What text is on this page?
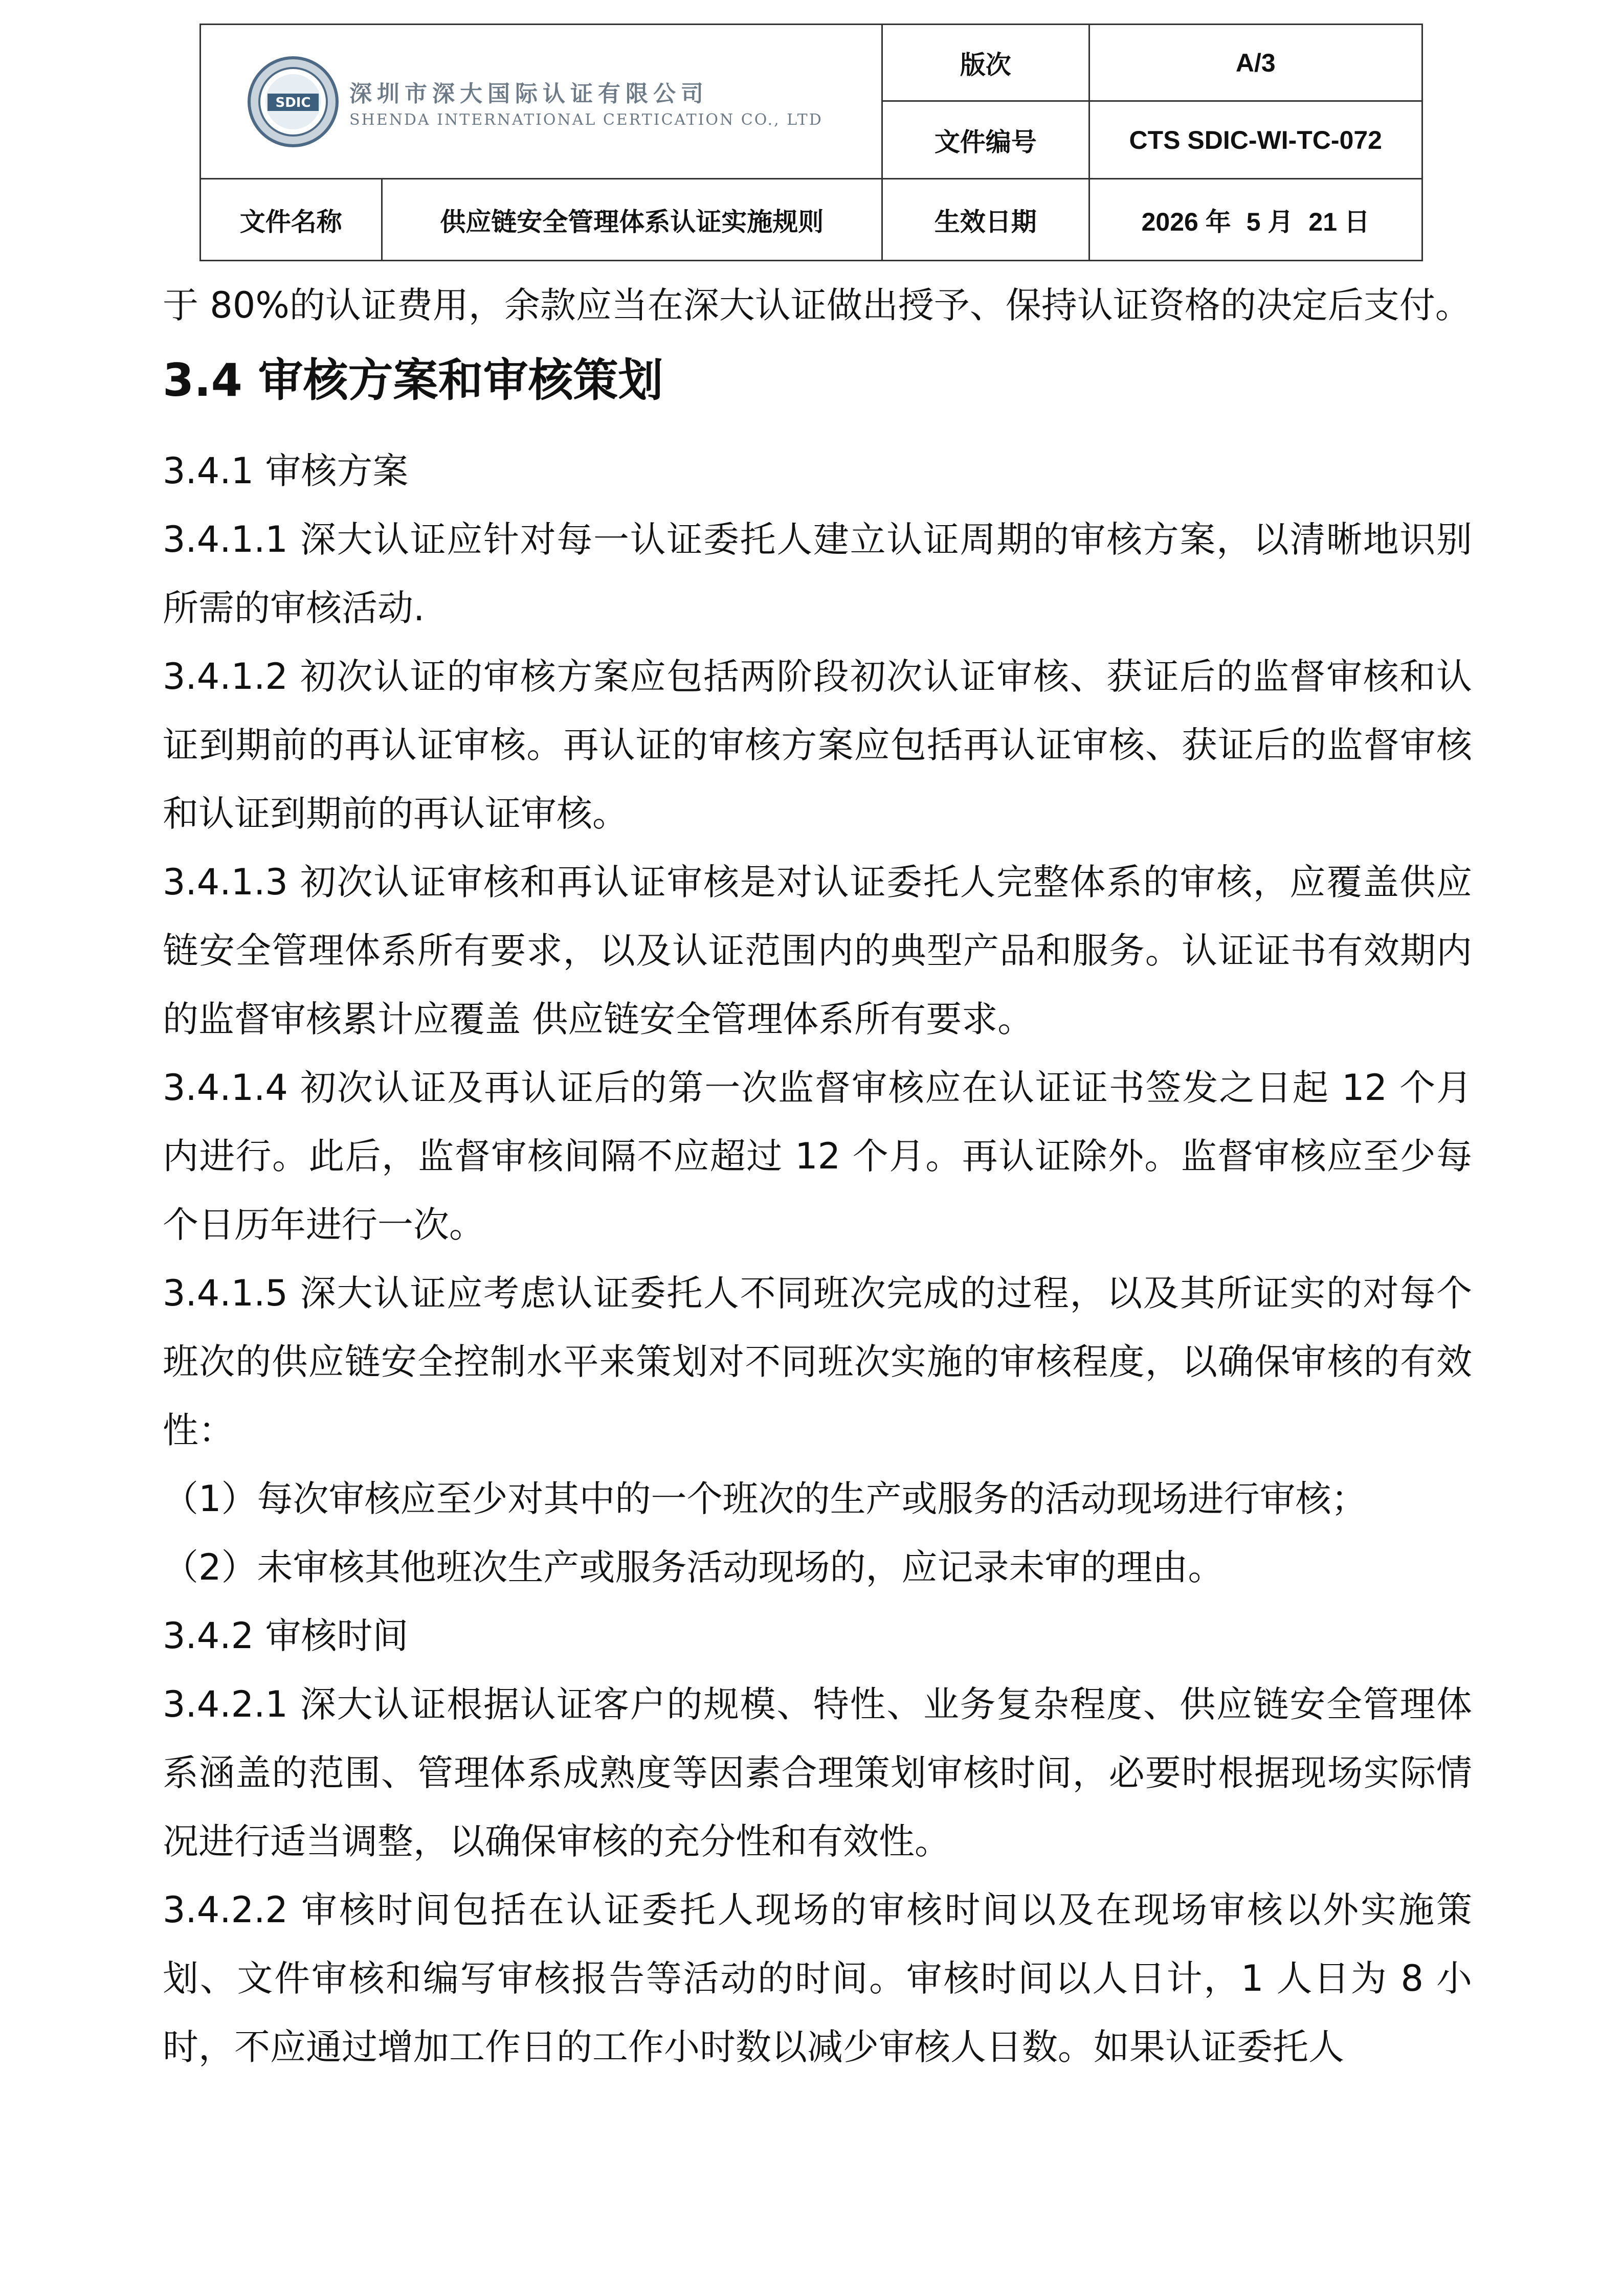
SDIC 深圳市深大国际认证有限公司
SHENDA INTERNATIONAL CERTICATION CO., LTD		版次	A/3
		文件编号	CTS SDIC-WI-TC-072
文件名称	供应链安全管理体系认证实施规则	生效日期	2026 年 5 月 21 日

于 80%的认证费用，余款应当在深大认证做出授予、保持认证资格的决定后支付。

3.4 审核方案和审核策划

3.4.1 审核方案

3.4.1.1 深大认证应针对每一认证委托人建立认证周期的审核方案，以清晰地识别所需的审核活动.

3.4.1.2 初次认证的审核方案应包括两阶段初次认证审核、获证后的监督审核和认证到期前的再认证审核。再认证的审核方案应包括再认证审核、获证后的监督审核和认证到期前的再认证审核。

3.4.1.3 初次认证审核和再认证审核是对认证委托人完整体系的审核，应覆盖供应链安全管理体系所有要求，以及认证范围内的典型产品和服务。认证证书有效期内的监督审核累计应覆盖 供应链安全管理体系所有要求。

3.4.1.4 初次认证及再认证后的第一次监督审核应在认证证书签发之日起 12 个月内进行。此后，监督审核间隔不应超过 12 个月。再认证除外。监督审核应至少每个日历年进行一次。

3.4.1.5 深大认证应考虑认证委托人不同班次完成的过程，以及其所证实的对每个班次的供应链安全控制水平来策划对不同班次实施的审核程度，以确保审核的有效性：

（1）每次审核应至少对其中的一个班次的生产或服务的活动现场进行审核；

（2）未审核其他班次生产或服务活动现场的，应记录未审的理由。

3.4.2 审核时间

3.4.2.1 深大认证根据认证客户的规模、特性、业务复杂程度、供应链安全管理体系涵盖的范围、管理体系成熟度等因素合理策划审核时间，必要时根据现场实际情况进行适当调整，以确保审核的充分性和有效性。

3.4.2.2 审核时间包括在认证委托人现场的审核时间以及在现场审核以外实施策划、文件审核和编写审核报告等活动的时间。审核时间以人日计，1 人日为 8 小时，不应通过增加工作日的工作小时数以减少审核人日数。如果认证委托人
